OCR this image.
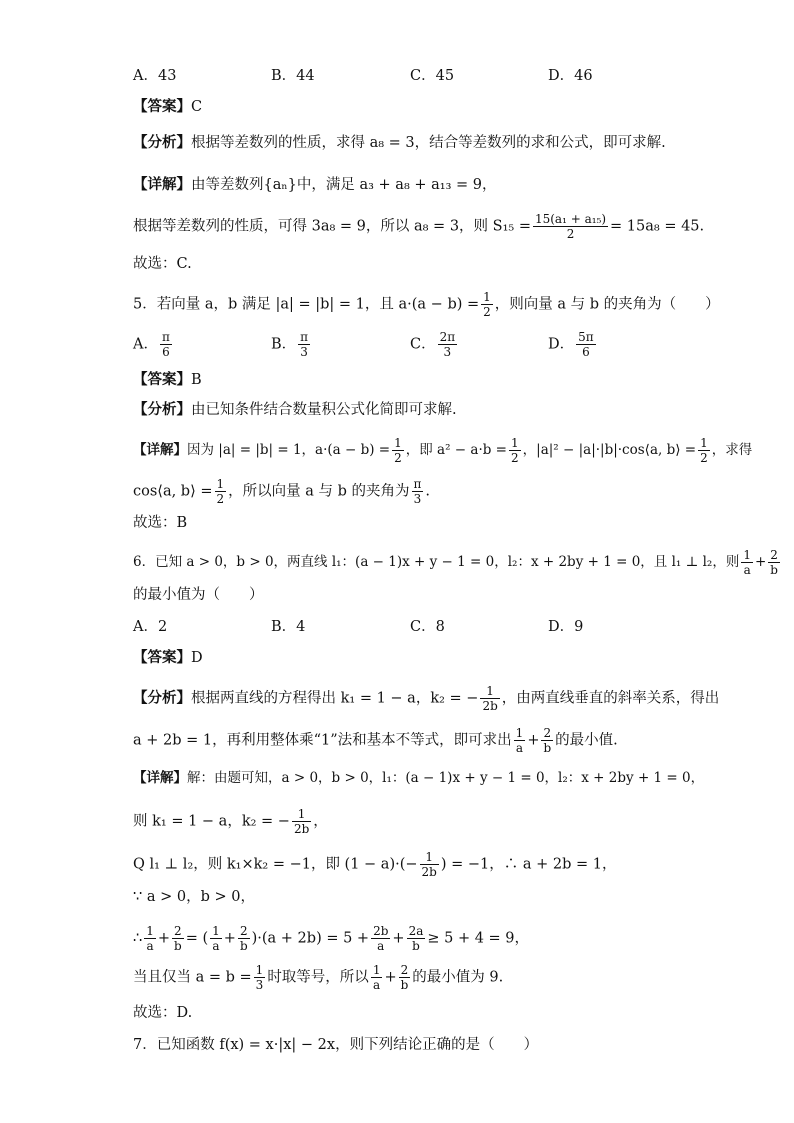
A．43	B．44	C．45	D．46
【答案】C
【分析】根据等差数列的性质，求得 a₈ = 3，结合等差数列的求和公式，即可求解.
【详解】由等差数列{aₙ}中，满足 a₃ + a₈ + a₁₃ = 9，
根据等差数列的性质，可得 3a₈ = 9，所以 a₈ = 3，则 $S_{15} = \frac{\text{15(a₁ + a₁₅)}}{2} = 15a_8 = 45$.
故选：C.
5．若向量 a，b 满足 |a| = |b| = 1，且 $a\cdot(a - b) = \frac{1}{2}$ ，则向量 a 与 b 的夹角为（　　）
A． $\frac{\pi}{6}$	B． $\frac{\pi}{3}$	C． $\frac{2\pi}{3}$	D． $\frac{5\pi}{6}$
【答案】B
【分析】由已知条件结合数量积公式化简即可求解.
【详解】因为 |a| = |b| = 1，$a\cdot(a - b) = \frac{1}{2}$ ，即 $a^2 - a\cdot b = \frac{1}{2}$ ，|a|² − |a|·|b|·cos⟨a, b⟩ = $\frac{1}{2}$ ，求得
cos⟨a, b⟩ = $\frac{1}{2}$ ，所以向量 a 与 b 的夹角为 $\frac{\pi}{3}$ .
故选：B
6．已知 a > 0，b > 0，两直线 l₁：(a − 1)x + y − 1 = 0，l₂：x + 2by + 1 = 0，且 l₁ ⊥ l₂，则 $\frac{1}{a} + \frac{2}{b}$
的最小值为（　　）
A．2	B．4	C．8	D．9
【答案】D
【分析】根据两直线的方程得出 k₁ = 1 − a，k₂ = − $\frac{1}{2b}$ ，由两直线垂直的斜率关系，得出
a + 2b = 1，再利用整体乘“1”法和基本不等式，即可求出 $\frac{1}{a} + \frac{2}{b}$ 的最小值.
【详解】解：由题可知，a > 0，b > 0，l₁：(a − 1)x + y − 1 = 0，l₂：x + 2by + 1 = 0，
则 k₁ = 1 − a，k₂ = − $\frac{1}{2b}$ ，
Q l₁ ⊥ l₂，则 k₁×k₂ = −1，即 $(1 - a)\cdot(- \frac{1}{2b}$ ) = −1，∴ a + 2b = 1，
∵ a > 0，b > 0，
∴ $\frac{1}{a} + \frac{2}{b}$ = ( $\frac{1}{a} + \frac{2}{b} )\cdot(a + 2b) = 5 + \frac{2b}{a} + \frac{2a}{b} \ge 5 + 4 = 9$，
当且仅当 $a = b = \frac{1}{3}$ 时取等号，所以 $\frac{1}{a} + \frac{2}{b}$ 的最小值为 9.
故选：D.
7．已知函数 f(x) = x·|x| − 2x，则下列结论正确的是（　　）
